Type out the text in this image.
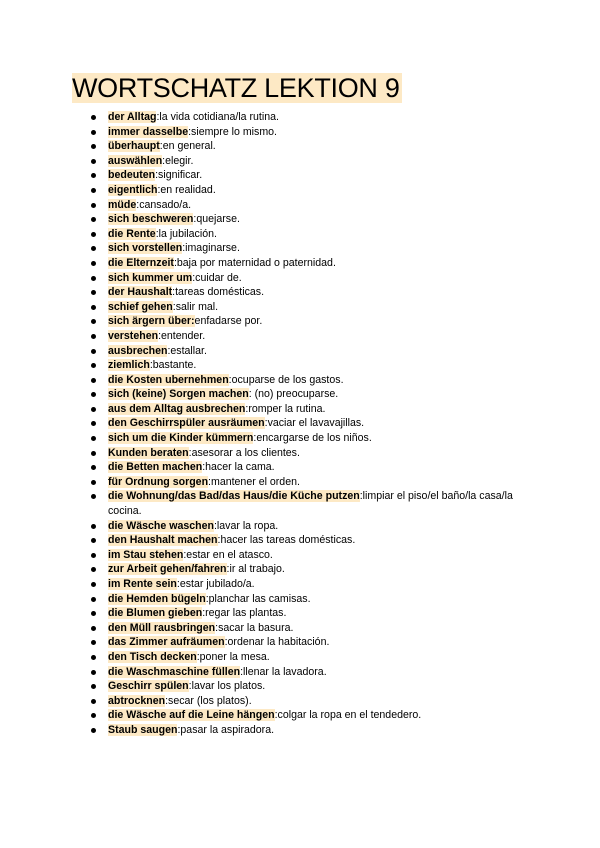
WORTSCHATZ LEKTION 9
der Alltag:la vida cotidiana/la rutina.
immer dasselbe:siempre lo mismo.
überhaupt:en general.
auswählen:elegir.
bedeuten:significar.
eigentlich:en realidad.
müde:cansado/a.
sich beschweren:quejarse.
die Rente:la jubilación.
sich vorstellen:imaginarse.
die Elternzeit:baja por maternidad o paternidad.
sich kummer um:cuidar de.
der Haushalt:tareas domésticas.
schief gehen:salir mal.
sich ärgern über:enfadarse por.
verstehen:entender.
ausbrechen:estallar.
ziemlich:bastante.
die Kosten ubernehmen:ocuparse de los gastos.
sich (keine) Sorgen machen: (no) preocuparse.
aus dem Alltag ausbrechen:romper la rutina.
den Geschirrspüler ausräumen:vaciar el lavavajillas.
sich um die Kinder kümmern:encargarse de los niños.
Kunden beraten:asesorar a los clientes.
die Betten machen:hacer la cama.
für Ordnung sorgen:mantener el orden.
die Wohnung/das Bad/das Haus/die Küche putzen:limpiar el piso/el baño/la casa/la cocina.
die Wäsche waschen:lavar la ropa.
den Haushalt machen:hacer las tareas domésticas.
im Stau stehen:estar en el atasco.
zur Arbeit gehen/fahren:ir al trabajo.
im Rente sein:estar jubilado/a.
die Hemden bügeln:planchar las camisas.
die Blumen gieben:regar las plantas.
den Müll rausbringen:sacar la basura.
das Zimmer aufräumen:ordenar la habitación.
den Tisch decken:poner la mesa.
die Waschmaschine füllen:llenar la lavadora.
Geschirr spülen:lavar los platos.
abtrocknen:secar (los platos).
die Wäsche auf die Leine hängen:colgar la ropa en el tendedero.
Staub saugen:pasar la aspiradora.
